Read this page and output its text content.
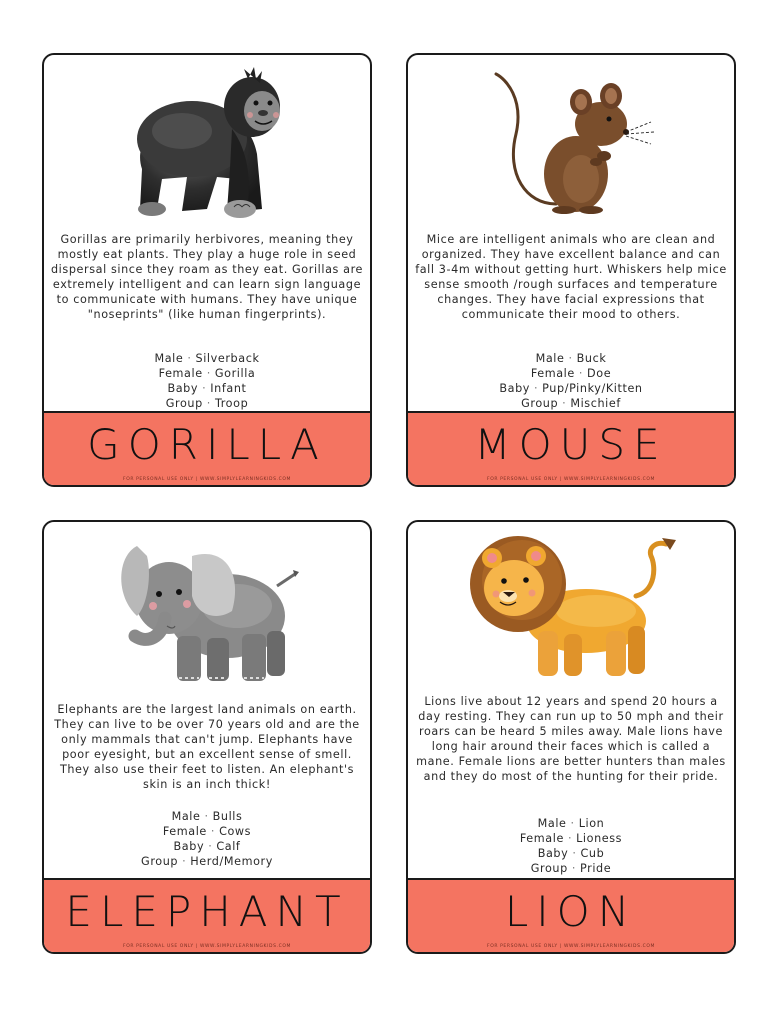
Gorillas are primarily herbivores, meaning they mostly eat plants. They play a huge role in seed dispersal since they roam as they eat. Gorillas are extremely intelligent and can learn sign language to communicate with humans. They have unique "noseprints" (like human fingerprints).

Male · Silverback
Female · Gorilla
Baby · Infant
Group · Troop
GORILLA
FOR PERSONAL USE ONLY | WWW.SIMPLYLEARNINGKIDS.COM

Mice are intelligent animals who are clean and organized. They have excellent balance and can fall 3-4m without getting hurt. Whiskers help mice sense smooth /rough surfaces and temperature changes. They have facial expressions that communicate their mood to others.

Male · Buck
Female · Doe
Baby · Pup/Pinky/Kitten
Group · Mischief
MOUSE
FOR PERSONAL USE ONLY | WWW.SIMPLYLEARNINGKIDS.COM

Elephants are the largest land animals on earth. They can live to be over 70 years old and are the only mammals that can't jump. Elephants have poor eyesight, but an excellent sense of smell. They also use their feet to listen. An elephant's skin is an inch thick!

Male · Bulls
Female · Cows
Baby · Calf
Group · Herd/Memory
ELEPHANT
FOR PERSONAL USE ONLY | WWW.SIMPLYLEARNINGKIDS.COM

Lions live about 12 years and spend 20 hours a day resting. They can run up to 50 mph and their roars can be heard 5 miles away. Male lions have long hair around their faces which is called a mane. Female lions are better hunters than males and they do most of the hunting for their pride.

Male · Lion
Female · Lioness
Baby · Cub
Group · Pride
LION
FOR PERSONAL USE ONLY | WWW.SIMPLYLEARNINGKIDS.COM
